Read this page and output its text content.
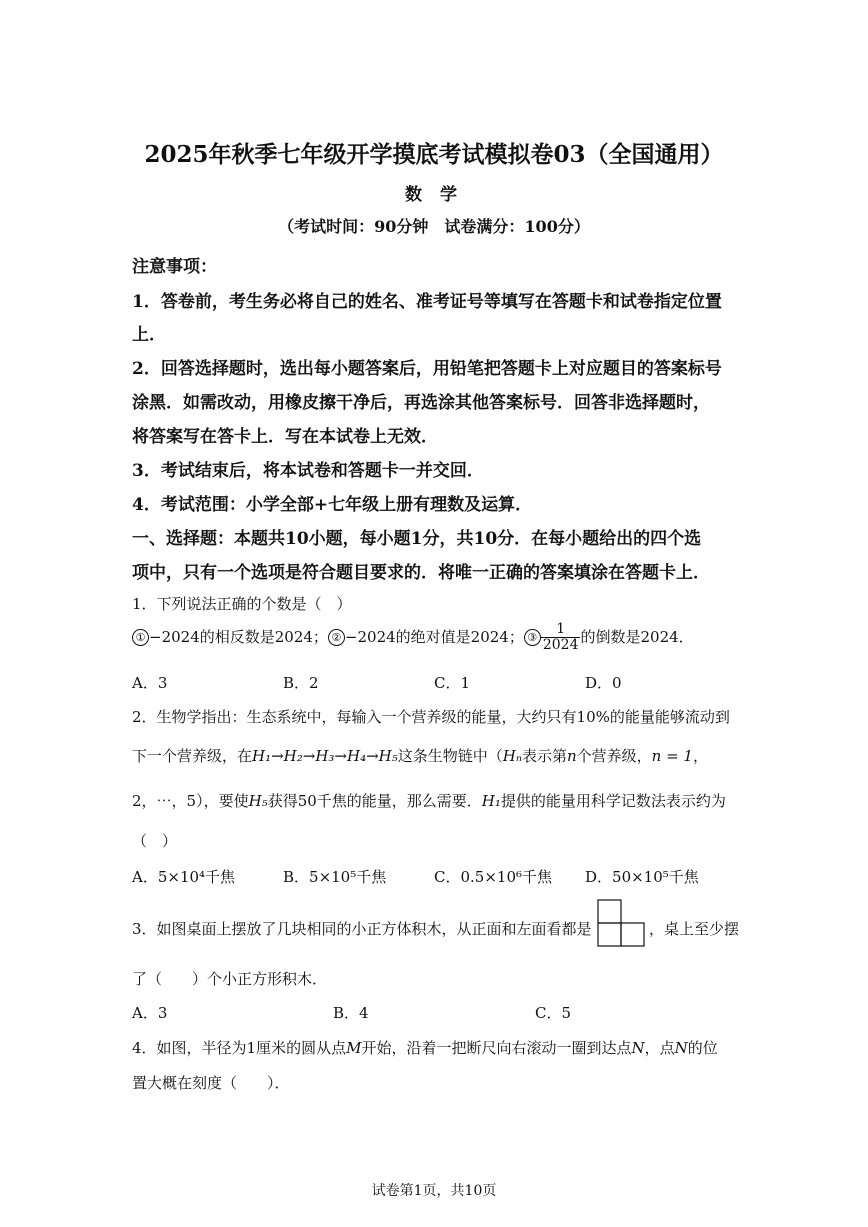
2025年秋季七年级开学摸底考试模拟卷03（全国通用）
数 学
（考试时间：90分钟　试卷满分：100分）
注意事项：
1．答卷前，考生务必将自己的姓名、准考证号等填写在答题卡和试卷指定位置
上．
2．回答选择题时，选出每小题答案后，用铅笔把答题卡上对应题目的答案标号
涂黑．如需改动，用橡皮擦干净后，再选涂其他答案标号．回答非选择题时，
将答案写在答卡上．写在本试卷上无效．
3．考试结束后，将本试卷和答题卡一并交回．
4．考试范围：小学全部+七年级上册有理数及运算．
一、选择题：本题共10小题，每小题1分，共10分．在每小题给出的四个选
项中，只有一个选项是符合题目要求的．将唯一正确的答案填涂在答题卡上．
1．下列说法正确的个数是（　）
① −2024的相反数是2024； ② −2024的绝对值是2024； ③ $\frac{1}{2024}$ 的倒数是2024．
A．3	B．2	C．1	D．0
2．生物学指出：生态系统中，每输入一个营养级的能量，大约只有10%的能量能够流动到
下一个营养级，在H₁→H₂→H₃→H₄→H₅这条生物链中（Hₙ表示第n个营养级，n = 1，
2，⋯，5），要使H₅获得50千焦的能量，那么需要．H₁提供的能量用科学记数法表示约为
（　）
A．5×10⁴千焦	B．5×10⁵千焦	C．0.5×10⁶千焦 D．50×10⁵千焦
3．如图桌面上摆放了几块相同的小正方体积木，从正面和左面看都是	，桌上至少摆
了（　　）个小正方形积木．
A．3	B．4	C．5
4．如图，半径为1厘米的圆从点M开始，沿着一把断尺向右滚动一圈到达点N，点N的位
置大概在刻度（　　）．
试卷第1页，共10页
